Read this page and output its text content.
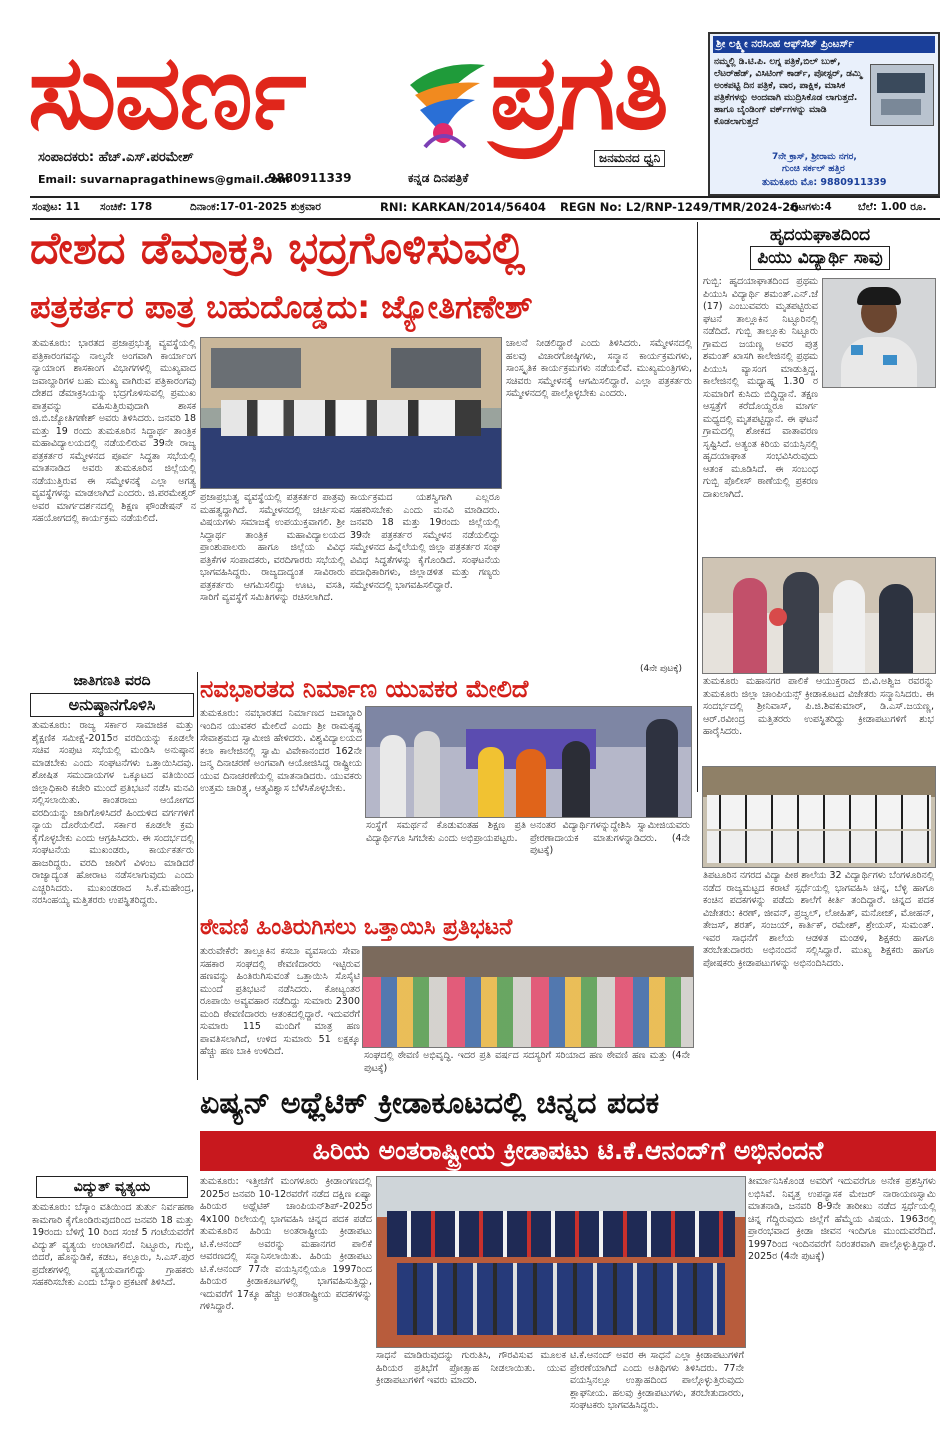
ಸುವರ್ಣ ಪ್ರಗತಿ
ಸಂಪಾದಕರು: ಹೆಚ್.ಎಸ್.ಪರಮೇಶ್
Email: suvarnapragathinews@gmail.com
9880911339	ಕನ್ನಡ ದಿನಪತ್ರಿಕೆ
ಜನಮನದ ಧ್ವನಿ
ಶ್ರೀ ಲಕ್ಷ್ಮೀ ನರಸಿಂಹ ಆಫ್‌ಸೆಟ್ ಪ್ರಿಂಟರ್ಸ್
ನಮ್ಮಲ್ಲಿ ಡಿ.ಟಿ.ಪಿ. ಲಗ್ನ ಪತ್ರಿಕೆ,ಬಿಲ್ ಬುಕ್, ಲೆಟರ್‌ಹೆಡ್, ವಿಸಿಟಿಂಗ್ ಕಾರ್ಡ್, ಪೋಸ್ಟರ್, ಡಮ್ಮಿ ಅಂಕಪಟ್ಟಿ ದಿನ ಪತ್ರಿಕೆ, ವಾರ, ಪಾಕ್ಷಿಕ, ಮಾಸಿಕ ಪತ್ರಿಕೆಗಳನ್ನು ಅಂದವಾಗಿ ಮುದ್ರಿಸಿಕೊಡ ಲಾಗುತ್ತದೆ. ಹಾಗೂ ಬೈಂಡಿಂಗ್ ವರ್ಕ್‌ಗಳನ್ನು ಮಾಡಿ ಕೊಡಲಾಗುತ್ತದೆ
7ನೇ ಕ್ರಾಸ್, ಶ್ರೀರಾಮ ನಗರ,
ಗುಂಚಿ ಸರ್ಕಲ್ ಹತ್ತಿರ
ತುಮಕೂರು ಮೊ: 9880911339
ಸಂಪುಟ: 11 ಸಂಚಿಕೆ: 178	ದಿನಾಂಕ:17-01-2025 ಶುಕ್ರವಾರ	RNI: KARKAN/2014/56404 REGN No: L2/RNP-1249/TMR/2024-26
ಪುಟಗಳು:4	ಬೆಲೆ: 1.00 ರೂ.
ದೇಶದ ಡೆಮಾಕ್ರಸಿ ಭದ್ರಗೊಳಿಸುವಲ್ಲಿ
ಪತ್ರಕರ್ತರ ಪಾತ್ರ ಬಹುದೊಡ್ಡದು: ಜ್ಯೋತಿಗಣೇಶ್
ಹೃದಯಘಾತದಿಂದ
ಪಿಯು ವಿದ್ಯಾರ್ಥಿ ಸಾವು
ತುಮಕೂರು: ಭಾರತದ ಪ್ರಜಾಪ್ರಭುತ್ವ ವ್ಯವಸ್ಥೆಯಲ್ಲಿ ಪತ್ರಿಕಾರಂಗವನ್ನು ನಾಲ್ಕನೇ ಅಂಗವಾಗಿ ಕಾರ್ಯಾಂಗ ನ್ಯಾಯಾಂಗ ಶಾಸಕಾಂಗ ವಿಭಾಗಗಳಲ್ಲಿ ಮುಖ್ಯವಾದ ಜವಾಬ್ದಾರಿಗಳ ಬಹು ಮುಖ್ಯ ವಾಗಿರುವ ಪತ್ರಿಕಾರಂಗವು ದೇಶದ ಡೆಮಾಕ್ರಸಿಯನ್ನು ಭದ್ರಗೊಳಿಸುವಲ್ಲಿ ಪ್ರಮುಖ ಪಾತ್ರವನ್ನು ವಹಿಸುತ್ತಿರುವುದಾಗಿ ಶಾಸಕ ಜಿ.ಬಿ.ಜ್ಯೋತಿಗಣೇಶ್ ಅವರು ತಿಳಿಸಿದರು. ಜನವರಿ 18 ಮತ್ತು 19 ರಂದು ತುಮಕೂರಿನ ಸಿದ್ಧಾರ್ಥ ತಾಂತ್ರಿಕ ಮಹಾವಿದ್ಯಾಲಯದಲ್ಲಿ ನಡೆಯಲಿರುವ 39ನೇ ರಾಜ್ಯ ಪತ್ರಕರ್ತರ ಸಮ್ಮೇಳನದ ಪೂರ್ವ ಸಿದ್ಧತಾ ಸಭೆಯಲ್ಲಿ ಮಾತನಾಡಿದ ಅವರು ತುಮಕೂರಿನ ಜಿಲ್ಲೆಯಲ್ಲಿ ನಡೆಯುತ್ತಿರುವ ಈ ಸಮ್ಮೇಳನಕ್ಕೆ ಎಲ್ಲಾ ಅಗತ್ಯ ವ್ಯವಸ್ಥೆಗಳನ್ನು ಮಾಡಲಾಗಿದೆ ಎಂದರು. ಜಿ.ಪರಮೇಶ್ವರ್ ಅವರ ಮಾರ್ಗದರ್ಶನದಲ್ಲಿ ಶಿಕ್ಷಣ ಫೌಂಡೇಷನ್ ನ ಸಹಯೋಗದಲ್ಲಿ ಕಾರ್ಯಕ್ರಮ ನಡೆಯಲಿದೆ.
ಚಾಲನೆ ನೀಡಲಿದ್ದಾರೆ ಎಂದು ತಿಳಿಸಿದರು. ಸಮ್ಮೇಳನದಲ್ಲಿ ಹಲವು ವಿಚಾರಗೋಷ್ಠಿಗಳು, ಸನ್ಮಾನ ಕಾರ್ಯಕ್ರಮಗಳು, ಸಾಂಸ್ಕೃತಿಕ ಕಾರ್ಯಕ್ರಮಗಳು ನಡೆಯಲಿವೆ. ಮುಖ್ಯಮಂತ್ರಿಗಳು, ಸಚಿವರು ಸಮ್ಮೇಳನಕ್ಕೆ ಆಗಮಿಸಲಿದ್ದಾರೆ. ಎಲ್ಲಾ ಪತ್ರಕರ್ತರು ಸಮ್ಮೇಳನದಲ್ಲಿ ಪಾಲ್ಗೊಳ್ಳಬೇಕು ಎಂದರು.
ಪ್ರಜಾಪ್ರಭುತ್ವ ವ್ಯವಸ್ಥೆಯಲ್ಲಿ ಪತ್ರಕರ್ತರ ಪಾತ್ರವು ಮಹತ್ವದ್ದಾಗಿದೆ. ಸಮ್ಮೇಳನದಲ್ಲಿ ಚರ್ಚಿಸುವ ವಿಷಯಗಳು ಸಮಾಜಕ್ಕೆ ಉಪಯುಕ್ತವಾಗಲಿ. ಶ್ರೀ ಸಿದ್ಧಾರ್ಥ ತಾಂತ್ರಿಕ ಮಹಾವಿದ್ಯಾಲಯದ ಪ್ರಾಂಶುಪಾಲರು ಹಾಗೂ ಜಿಲ್ಲೆಯ ವಿವಿಧ ಪತ್ರಿಕೆಗಳ ಸಂಪಾದಕರು, ವರದಿಗಾರರು ಸಭೆಯಲ್ಲಿ ಭಾಗವಹಿಸಿದ್ದರು. ರಾಜ್ಯದಾದ್ಯಂತ ಸಾವಿರಾರು ಪತ್ರಕರ್ತರು ಆಗಮಿಸಲಿದ್ದು ಊಟ, ವಸತಿ, ಸಾರಿಗೆ ವ್ಯವಸ್ಥೆಗೆ ಸಮಿತಿಗಳನ್ನು ರಚಿಸಲಾಗಿದೆ.
ಕಾರ್ಯಕ್ರಮದ ಯಶಸ್ವಿಗಾಗಿ ಎಲ್ಲರೂ ಸಹಕರಿಸಬೇಕು ಎಂದು ಮನವಿ ಮಾಡಿದರು. ಜನವರಿ 18 ಮತ್ತು 19ರಂದು ಜಿಲ್ಲೆಯಲ್ಲಿ 39ನೇ ಪತ್ರಕರ್ತರ ಸಮ್ಮೇಳನ ನಡೆಯಲಿದ್ದು ಸಮ್ಮೇಳನದ ಹಿನ್ನೆಲೆಯಲ್ಲಿ ಜಿಲ್ಲಾ ಪತ್ರಕರ್ತರ ಸಂಘ ವಿವಿಧ ಸಿದ್ಧತೆಗಳನ್ನು ಕೈಗೊಂಡಿದೆ. ಸಂಘಟನೆಯ ಪದಾಧಿಕಾರಿಗಳು, ಜಿಲ್ಲಾಡಳಿತ ಮತ್ತು ಗಣ್ಯರು ಸಮ್ಮೇಳನದಲ್ಲಿ ಭಾಗವಹಿಸಲಿದ್ದಾರೆ.
(4ನೇ ಪುಟಕ್ಕೆ)
ಗುಬ್ಬಿ: ಹೃದಯಾಘಾತದಿಂದ ಪ್ರಥಮ ಪಿಯುಸಿ ವಿದ್ಯಾರ್ಥಿ ಶಮಂತ್.ಎನ್.ಜೆ (17) ಎಂಬುವವರು ಮೃತಪಟ್ಟಿರುವ ಘಟನೆ ತಾಲ್ಲೂಕಿನ ನಿಟ್ಟೂರಿನಲ್ಲಿ ನಡೆದಿದೆ. ಗುಬ್ಬಿ ತಾಲ್ಲೂಕು ನಿಟ್ಟೂರು ಗ್ರಾಮದ ಜಯಣ್ಣ ಅವರ ಪುತ್ರ ಶಮಂತ್ ಖಾಸಗಿ ಕಾಲೇಜಿನಲ್ಲಿ ಪ್ರಥಮ ಪಿಯುಸಿ ವ್ಯಾಸಂಗ ಮಾಡುತ್ತಿದ್ದ. ಕಾಲೇಜಿನಲ್ಲಿ ಮಧ್ಯಾಹ್ನ 1.30 ರ ಸುಮಾರಿಗೆ ಕುಸಿದು ಬಿದ್ದಿದ್ದಾನೆ. ತಕ್ಷಣ ಆಸ್ಪತ್ರೆಗೆ ಕರೆದೊಯ್ದರೂ ಮಾರ್ಗ ಮಧ್ಯದಲ್ಲಿ ಮೃತಪಟ್ಟಿದ್ದಾನೆ. ಈ ಘಟನೆ ಗ್ರಾಮದಲ್ಲಿ ಶೋಕದ ವಾತಾವರಣ ಸೃಷ್ಟಿಸಿದೆ. ಅತ್ಯಂತ ಕಿರಿಯ ವಯಸ್ಸಿನಲ್ಲಿ ಹೃದಯಾಘಾತ ಸಂಭವಿಸಿರುವುದು ಆತಂಕ ಮೂಡಿಸಿದೆ. ಈ ಸಂಬಂಧ ಗುಬ್ಬಿ ಪೊಲೀಸ್ ಠಾಣೆಯಲ್ಲಿ ಪ್ರಕರಣ ದಾಖಲಾಗಿದೆ.
ತುಮಕೂರು ಮಹಾನಗರ ಪಾಲಿಕೆ ಆಯುಕ್ತರಾದ ಬಿ.ವಿ.ಅಶ್ವಿಜ ರವರನ್ನು ತುಮಕೂರು ಜಿಲ್ಲಾ ಚಾಂಪಿಯನ್ಸ್ ಕ್ರೀಡಾಕೂಟದ ವಿಜೇತರು ಸನ್ಮಾನಿಸಿದರು. ಈ ಸಂದರ್ಭದಲ್ಲಿ ಶ್ರೀನಿವಾಸ್, ಪಿ.ಜಿ.ಶಿವಕುಮಾರ್, ಡಿ.ಎಸ್.ಜಯಣ್ಣ, ಆರ್.ರವೀಂದ್ರ ಮತ್ತಿತರರು ಉಪಸ್ಥಿತರಿದ್ದು ಕ್ರೀಡಾಪಟುಗಳಿಗೆ ಶುಭ ಹಾರೈಸಿದರು.
ತಿಪಟೂರಿನ ನಗರದ ವಿದ್ಯಾ ಪೀಠ ಶಾಲೆಯ 32 ವಿದ್ಯಾರ್ಥಿಗಳು ಬೆಂಗಳೂರಿನಲ್ಲಿ ನಡೆದ ರಾಜ್ಯಮಟ್ಟದ ಕರಾಟೆ ಸ್ಪರ್ಧೆಯಲ್ಲಿ ಭಾಗವಹಿಸಿ ಚಿನ್ನ, ಬೆಳ್ಳಿ ಹಾಗೂ ಕಂಚಿನ ಪದಕಗಳನ್ನು ಪಡೆದು ಶಾಲೆಗೆ ಕೀರ್ತಿ ತಂದಿದ್ದಾರೆ. ಚಿನ್ನದ ಪದಕ ವಿಜೇತರು: ಕಿರಣ್, ಜೀವನ್, ಪ್ರಜ್ವಲ್, ಲೋಹಿತ್, ಮನೋಜ್, ಮೋಹನ್, ತೇಜಸ್, ಶರತ್, ಸಂಜಯ್, ಕಾರ್ತಿಕ್, ರಮೇಶ್, ಶ್ರೇಯಸ್, ಸುಮಂತ್. ಇವರ ಸಾಧನೆಗೆ ಶಾಲೆಯ ಆಡಳಿತ ಮಂಡಳಿ, ಶಿಕ್ಷಕರು ಹಾಗೂ ತರಬೇತುದಾರರು ಅಭಿನಂದನೆ ಸಲ್ಲಿಸಿದ್ದಾರೆ. ಮುಖ್ಯ ಶಿಕ್ಷಕರು ಹಾಗೂ ಪೋಷಕರು ಕ್ರೀಡಾಪಟುಗಳನ್ನು ಅಭಿನಂದಿಸಿದರು.
ಜಾತಿಗಣತಿ ವರದಿ
ಅನುಷ್ಠಾನಗೊಳಿಸಿ
ತುಮಕೂರು: ರಾಜ್ಯ ಸರ್ಕಾರ ಸಾಮಾಜಿಕ ಮತ್ತು ಶೈಕ್ಷಣಿಕ ಸಮೀಕ್ಷೆ-2015ರ ವರದಿಯನ್ನು ಕೂಡಲೇ ಸಚಿವ ಸಂಪುಟ ಸಭೆಯಲ್ಲಿ ಮಂಡಿಸಿ ಅನುಷ್ಠಾನ ಮಾಡಬೇಕು ಎಂದು ಸಂಘಟನೆಗಳು ಒತ್ತಾಯಿಸಿದವು. ಶೋಷಿತ ಸಮುದಾಯಗಳ ಒಕ್ಕೂಟದ ವತಿಯಿಂದ ಜಿಲ್ಲಾಧಿಕಾರಿ ಕಚೇರಿ ಮುಂದೆ ಪ್ರತಿಭಟನೆ ನಡೆಸಿ ಮನವಿ ಸಲ್ಲಿಸಲಾಯಿತು. ಕಾಂತರಾಜು ಆಯೋಗದ ವರದಿಯನ್ನು ಜಾರಿಗೊಳಿಸಿದರೆ ಹಿಂದುಳಿದ ವರ್ಗಗಳಿಗೆ ನ್ಯಾಯ ದೊರೆಯಲಿದೆ. ಸರ್ಕಾರ ಕೂಡಲೇ ಕ್ರಮ ಕೈಗೊಳ್ಳಬೇಕು ಎಂದು ಆಗ್ರಹಿಸಿದರು. ಈ ಸಂದರ್ಭದಲ್ಲಿ ಸಂಘಟನೆಯ ಮುಖಂಡರು, ಕಾರ್ಯಕರ್ತರು ಹಾಜರಿದ್ದರು. ವರದಿ ಜಾರಿಗೆ ವಿಳಂಬ ಮಾಡಿದರೆ ರಾಜ್ಯಾದ್ಯಂತ ಹೋರಾಟ ನಡೆಸಲಾಗುವುದು ಎಂದು ಎಚ್ಚರಿಸಿದರು. ಮುಖಂಡರಾದ ಸಿ.ಕೆ.ಮಹೇಂದ್ರ, ನರಸಿಂಹಯ್ಯ ಮತ್ತಿತರರು ಉಪಸ್ಥಿತರಿದ್ದರು.
ವಿದ್ಯುತ್ ವ್ಯತ್ಯಯ
ತುಮಕೂರು: ಬೆಸ್ಕಾಂ ವತಿಯಿಂದ ತುರ್ತು ನಿರ್ವಹಣಾ ಕಾಮಗಾರಿ ಕೈಗೊಂಡಿರುವುದರಿಂದ ಜನವರಿ 18 ಮತ್ತು 19ರಂದು ಬೆಳಿಗ್ಗೆ 10 ರಿಂದ ಸಂಜೆ 5 ಗಂಟೆಯವರೆಗೆ ವಿದ್ಯುತ್ ವ್ಯತ್ಯಯ ಉಂಟಾಗಲಿದೆ. ನಿಟ್ಟೂರು, ಗುಬ್ಬಿ, ಬಿದರೆ, ಹೊನ್ನುಡಿಕೆ, ಕಡಬ, ಕಲ್ಲೂರು, ಸಿ.ಎಸ್.ಪುರ ಪ್ರದೇಶಗಳಲ್ಲಿ ವ್ಯತ್ಯಯವಾಗಲಿದ್ದು ಗ್ರಾಹಕರು ಸಹಕರಿಸಬೇಕು ಎಂದು ಬೆಸ್ಕಾಂ ಪ್ರಕಟಣೆ ತಿಳಿಸಿದೆ.
ನವಭಾರತದ ನಿರ್ಮಾಣ ಯುವಕರ ಮೇಲಿದೆ
ತುಮಕೂರು: ನವಭಾರತದ ನಿರ್ಮಾಣದ ಜವಾಬ್ದಾರಿ ಇಂದಿನ ಯುವಕರ ಮೇಲಿದೆ ಎಂದು ಶ್ರೀ ರಾಮಕೃಷ್ಣ ಸೇವಾಶ್ರಮದ ಸ್ವಾಮೀಜಿ ಹೇಳಿದರು. ವಿಶ್ವವಿದ್ಯಾಲಯದ ಕಲಾ ಕಾಲೇಜಿನಲ್ಲಿ ಸ್ವಾಮಿ ವಿವೇಕಾನಂದರ 162ನೇ ಜನ್ಮ ದಿನಾಚರಣೆ ಅಂಗವಾಗಿ ಆಯೋಜಿಸಿದ್ದ ರಾಷ್ಟ್ರೀಯ ಯುವ ದಿನಾಚರಣೆಯಲ್ಲಿ ಮಾತನಾಡಿದರು. ಯುವಕರು ಉತ್ತಮ ಚಾರಿತ್ರ್ಯ, ಆತ್ಮವಿಶ್ವಾಸ ಬೆಳೆಸಿಕೊಳ್ಳಬೇಕು.
ಸಂಸ್ಥೆಗೆ ಸಮರ್ಥನೆ ಕೊಡುವಂತಹ ಶಿಕ್ಷಣ ಪ್ರತಿ ವಿದ್ಯಾರ್ಥಿಗೂ ಸಿಗಬೇಕು ಎಂದು ಅಭಿಪ್ರಾಯಪಟ್ಟರು.
ಅನಂತರ ವಿದ್ಯಾರ್ಥಿಗಳನ್ನುದ್ದೇಶಿಸಿ ಸ್ವಾಮೀಜಿಯವರು ಪ್ರೇರಣಾದಾಯಕ ಮಾತುಗಳನ್ನಾಡಿದರು. (4ನೇ ಪುಟಕ್ಕೆ)
ಠೇವಣಿ ಹಿಂತಿರುಗಿಸಲು ಒತ್ತಾಯಿಸಿ ಪ್ರತಿಭಟನೆ
ತುರುವೇಕೆರೆ: ತಾಲ್ಲೂಕಿನ ಕಸಬಾ ವ್ಯವಸಾಯ ಸೇವಾ ಸಹಕಾರ ಸಂಘದಲ್ಲಿ ಠೇವಣಿದಾರರು ಇಟ್ಟಿರುವ ಹಣವನ್ನು ಹಿಂತಿರುಗಿಸುವಂತೆ ಒತ್ತಾಯಿಸಿ ಸೊಸೈಟಿ ಮುಂದೆ ಪ್ರತಿಭಟನೆ ನಡೆಸಿದರು. ಕೋಟ್ಯಂತರ ರೂಪಾಯಿ ಅವ್ಯವಹಾರ ನಡೆದಿದ್ದು ಸುಮಾರು 2300 ಮಂದಿ ಠೇವಣಿದಾರರು ಆತಂಕದಲ್ಲಿದ್ದಾರೆ. ಇದುವರೆಗೆ ಸುಮಾರು 115 ಮಂದಿಗೆ ಮಾತ್ರ ಹಣ ಪಾವತಿಸಲಾಗಿದೆ, ಉಳಿದ ಸುಮಾರು 51 ಲಕ್ಷಕ್ಕೂ ಹೆಚ್ಚು ಹಣ ಬಾಕಿ ಉಳಿದಿದೆ.	ಸಂಘದಲ್ಲಿ ಠೇವಣಿ ಅಭಿವೃದ್ಧಿ. ಇದರ ಪ್ರತಿ ವರ್ಷದ ಸದಸ್ಯರಿಗೆ ಸರಿಯಾದ ಹಣ ಠೇವಣಿ ಹಣ ಮತ್ತು (4ನೇ ಪುಟಕ್ಕೆ)
ಏಷ್ಯನ್ ಅಥ್ಲೆಟಿಕ್ ಕ್ರೀಡಾಕೂಟದಲ್ಲಿ ಚಿನ್ನದ ಪದಕ
ಹಿರಿಯ ಅಂತರಾಷ್ಟ್ರೀಯ ಕ್ರೀಡಾಪಟು ಟಿ.ಕೆ.ಆನಂದ್‌ಗೆ ಅಭಿನಂದನೆ
ತುಮಕೂರು: ಇತ್ತೀಚೆಗೆ ಮಂಗಳೂರು ಕ್ರೀಡಾಂಗಣದಲ್ಲಿ 2025ರ ಜನವರಿ 10-12ರವರೆಗೆ ನಡೆದ ದಕ್ಷಿಣ ಏಷ್ಯಾ ಹಿರಿಯರ ಅಥ್ಲೆಟಿಕ್ ಚಾಂಪಿಯನ್‌ಶಿಪ್-2025ರ 4x100 ರಿಲೇಯಲ್ಲಿ ಭಾಗವಹಿಸಿ ಚಿನ್ನದ ಪದಕ ಪಡೆದ ತುಮಕೂರಿನ ಹಿರಿಯ ಅಂತರಾಷ್ಟ್ರೀಯ ಕ್ರೀಡಾಪಟು ಟಿ.ಕೆ.ಆನಂದ್ ಅವರನ್ನು ಮಹಾನಗರ ಪಾಲಿಕೆ ಆವರಣದಲ್ಲಿ ಸನ್ಮಾನಿಸಲಾಯಿತು. ಹಿರಿಯ ಕ್ರೀಡಾಪಟು ಟಿ.ಕೆ.ಆನಂದ್ 77ನೇ ವಯಸ್ಸಿನಲ್ಲಿಯೂ 1997ರಿಂದ ಹಿರಿಯರ ಕ್ರೀಡಾಕೂಟಗಳಲ್ಲಿ ಭಾಗವಹಿಸುತ್ತಿದ್ದು, ಇದುವರೆಗೆ 17ಕ್ಕೂ ಹೆಚ್ಚು ಅಂತರಾಷ್ಟ್ರೀಯ ಪದಕಗಳನ್ನು ಗಳಿಸಿದ್ದಾರೆ.
ಸಾಧನೆ ಮಾಡಿರುವುದನ್ನು ಗುರುತಿಸಿ, ಗೌರವಿಸುವ ಮೂಲಕ ಹಿರಿಯರ ಪ್ರತಿಭೆಗೆ ಪ್ರೋತ್ಸಾಹ ನೀಡಲಾಯಿತು. ಯುವ ಕ್ರೀಡಾಪಟುಗಳಿಗೆ ಇವರು ಮಾದರಿ.
ಟಿ.ಕೆ.ಆನಂದ್ ಅವರ ಈ ಸಾಧನೆ ಎಲ್ಲಾ ಕ್ರೀಡಾಪಟುಗಳಿಗೆ ಪ್ರೇರಣೆಯಾಗಿದೆ ಎಂದು ಅತಿಥಿಗಳು ತಿಳಿಸಿದರು. 77ನೇ ವಯಸ್ಸಿನಲ್ಲೂ ಉತ್ಸಾಹದಿಂದ ಪಾಲ್ಗೊಳ್ಳುತ್ತಿರುವುದು ಶ್ಲಾಘನೀಯ. ಹಲವು ಕ್ರೀಡಾಪಟುಗಳು, ತರಬೇತುದಾರರು, ಸಂಘಟಕರು ಭಾಗವಹಿಸಿದ್ದರು.
ತೀರ್ಮಾನಿಸಿಕೊಂಡ ಅವರಿಗೆ ಇದುವರೆಗೂ ಅನೇಕ ಪ್ರಶಸ್ತಿಗಳು ಲಭಿಸಿವೆ. ನಿವೃತ್ತ ಉಪನ್ಯಾಸಕ ಮೇಜರ್ ನಾರಾಯಣಸ್ವಾಮಿ ಮಾತನಾಡಿ, ಜನವರಿ 8-9ನೇ ತಾರೀಖು ನಡೆದ ಸ್ಪರ್ಧೆಯಲ್ಲಿ ಚಿನ್ನ ಗೆದ್ದಿರುವುದು ಜಿಲ್ಲೆಗೆ ಹೆಮ್ಮೆಯ ವಿಷಯ. 1963ರಲ್ಲಿ ಪ್ರಾರಂಭವಾದ ಕ್ರೀಡಾ ಜೀವನ ಇಂದಿಗೂ ಮುಂದುವರೆದಿದೆ. 1997ರಿಂದ ಇಂದಿನವರೆಗೆ ನಿರಂತರವಾಗಿ ಪಾಲ್ಗೊಳ್ಳುತ್ತಿದ್ದಾರೆ. 2025ರ (4ನೇ ಪುಟಕ್ಕೆ)
